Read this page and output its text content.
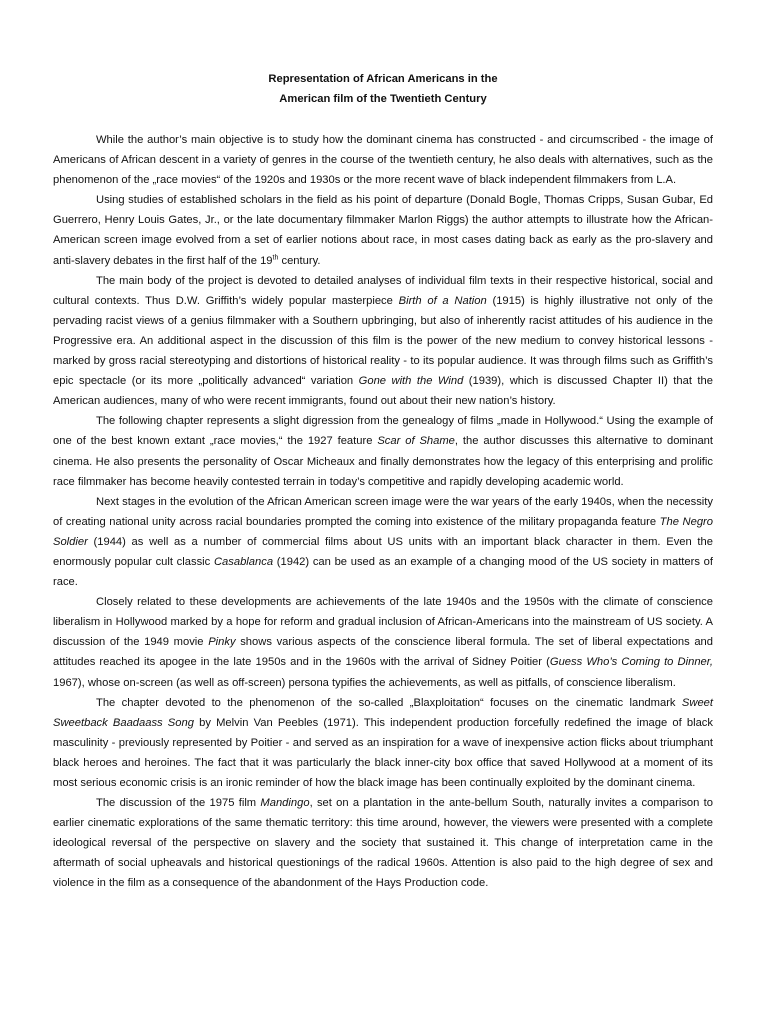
Representation of African Americans in the
American film of the Twentieth Century

While the author’s main objective is to study how the dominant cinema has constructed - and circumscribed - the image of Americans of African descent in a variety of genres in the course of the twentieth century, he also deals with alternatives, such as the phenomenon of the „race movies“ of the 1920s and 1930s or the more recent wave of black independent filmmakers from L.A.

Using studies of established scholars in the field as his point of departure (Donald Bogle, Thomas Cripps, Susan Gubar, Ed Guerrero, Henry Louis Gates, Jr., or the late documentary filmmaker Marlon Riggs) the author attempts to illustrate how the African-American screen image evolved from a set of earlier notions about race, in most cases dating back as early as the pro-slavery and anti-slavery debates in the first half of the 19th century.

The main body of the project is devoted to detailed analyses of individual film texts in their respective historical, social and cultural contexts. Thus D.W. Griffith’s widely popular masterpiece Birth of a Nation (1915) is highly illustrative not only of the pervading racist views of a genius filmmaker with a Southern upbringing, but also of inherently racist attitudes of his audience in the Progressive era. An additional aspect in the discussion of this film is the power of the new medium to convey historical lessons - marked by gross racial stereotyping and distortions of historical reality - to its popular audience. It was through films such as Griffith’s epic spectacle (or its more „politically advanced“ variation Gone with the Wind (1939), which is discussed Chapter II) that the American audiences, many of who were recent immigrants, found out about their new nation’s history.

The following chapter represents a slight digression from the genealogy of films „made in Hollywood.“ Using the example of one of the best known extant „race movies,“ the 1927 feature Scar of Shame, the author discusses this alternative to dominant cinema. He also presents the personality of Oscar Micheaux and finally demonstrates how the legacy of this enterprising and prolific race filmmaker has become heavily contested terrain in today’s competitive and rapidly developing academic world.

Next stages in the evolution of the African American screen image were the war years of the early 1940s, when the necessity of creating national unity across racial boundaries prompted the coming into existence of the military propaganda feature The Negro Soldier (1944) as well as a number of commercial films about US units with an important black character in them. Even the enormously popular cult classic Casablanca (1942) can be used as an example of a changing mood of the US society in matters of race.

Closely related to these developments are achievements of the late 1940s and the 1950s with the climate of conscience liberalism in Hollywood marked by a hope for reform and gradual inclusion of African-Americans into the mainstream of US society. A discussion of the 1949 movie Pinky shows various aspects of the conscience liberal formula. The set of liberal expectations and attitudes reached its apogee in the late 1950s and in the 1960s with the arrival of Sidney Poitier (Guess Who’s Coming to Dinner, 1967), whose on-screen (as well as off-screen) persona typifies the achievements, as well as pitfalls, of conscience liberalism.

The chapter devoted to the phenomenon of the so-called „Blaxploitation“ focuses on the cinematic landmark Sweet Sweetback Baadaass Song by Melvin Van Peebles (1971). This independent production forcefully redefined the image of black masculinity - previously represented by Poitier - and served as an inspiration for a wave of inexpensive action flicks about triumphant black heroes and heroines. The fact that it was particularly the black inner-city box office that saved Hollywood at a moment of its most serious economic crisis is an ironic reminder of how the black image has been continually exploited by the dominant cinema.

The discussion of the 1975 film Mandingo, set on a plantation in the ante-bellum South, naturally invites a comparison to earlier cinematic explorations of the same thematic territory: this time around, however, the viewers were presented with a complete ideological reversal of the perspective on slavery and the society that sustained it. This change of interpretation came in the aftermath of social upheavals and historical questionings of the radical 1960s. Attention is also paid to the high degree of sex and violence in the film as a consequence of the abandonment of the Hays Production code.
